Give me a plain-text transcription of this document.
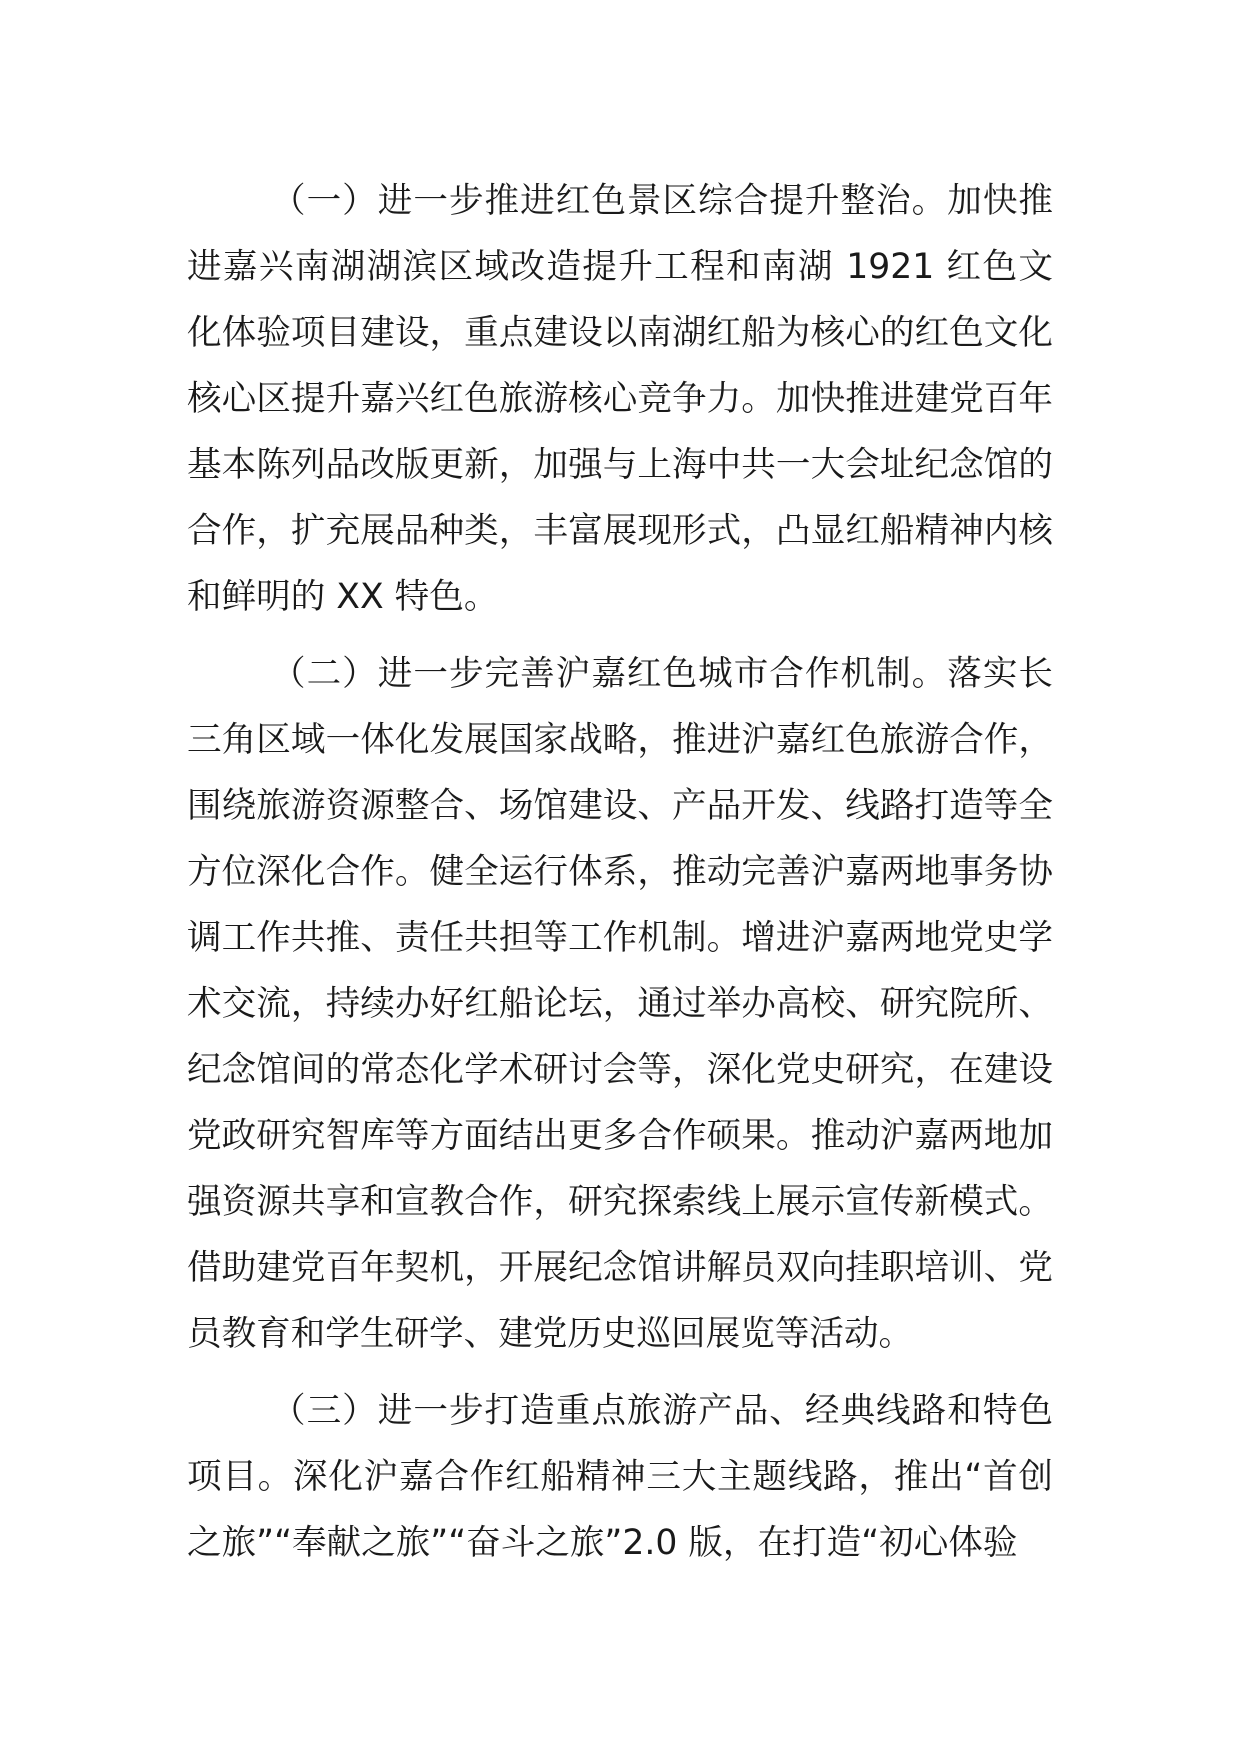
（一）进一步推进红色景区综合提升整治。加快推进嘉兴南湖湖滨区域改造提升工程和南湖 1921 红色文化体验项目建设，重点建设以南湖红船为核心的红色文化核心区提升嘉兴红色旅游核心竞争力。加快推进建党百年基本陈列品改版更新，加强与上海中共一大会址纪念馆的合作，扩充展品种类，丰富展现形式，凸显红船精神内核和鲜明的 XX 特色。

（二）进一步完善沪嘉红色城市合作机制。落实长三角区域一体化发展国家战略，推进沪嘉红色旅游合作，围绕旅游资源整合、场馆建设、产品开发、线路打造等全方位深化合作。健全运行体系，推动完善沪嘉两地事务协调工作共推、责任共担等工作机制。增进沪嘉两地党史学术交流，持续办好红船论坛，通过举办高校、研究院所、纪念馆间的常态化学术研讨会等，深化党史研究，在建设党政研究智库等方面结出更多合作硕果。推动沪嘉两地加强资源共享和宣教合作，研究探索线上展示宣传新模式。借助建党百年契机，开展纪念馆讲解员双向挂职培训、党员教育和学生研学、建党历史巡回展览等活动。

（三）进一步打造重点旅游产品、经典线路和特色项目。深化沪嘉合作红船精神三大主题线路，推出“首创之旅”“奉献之旅”“奋斗之旅”2.0 版，在打造“初心体验
